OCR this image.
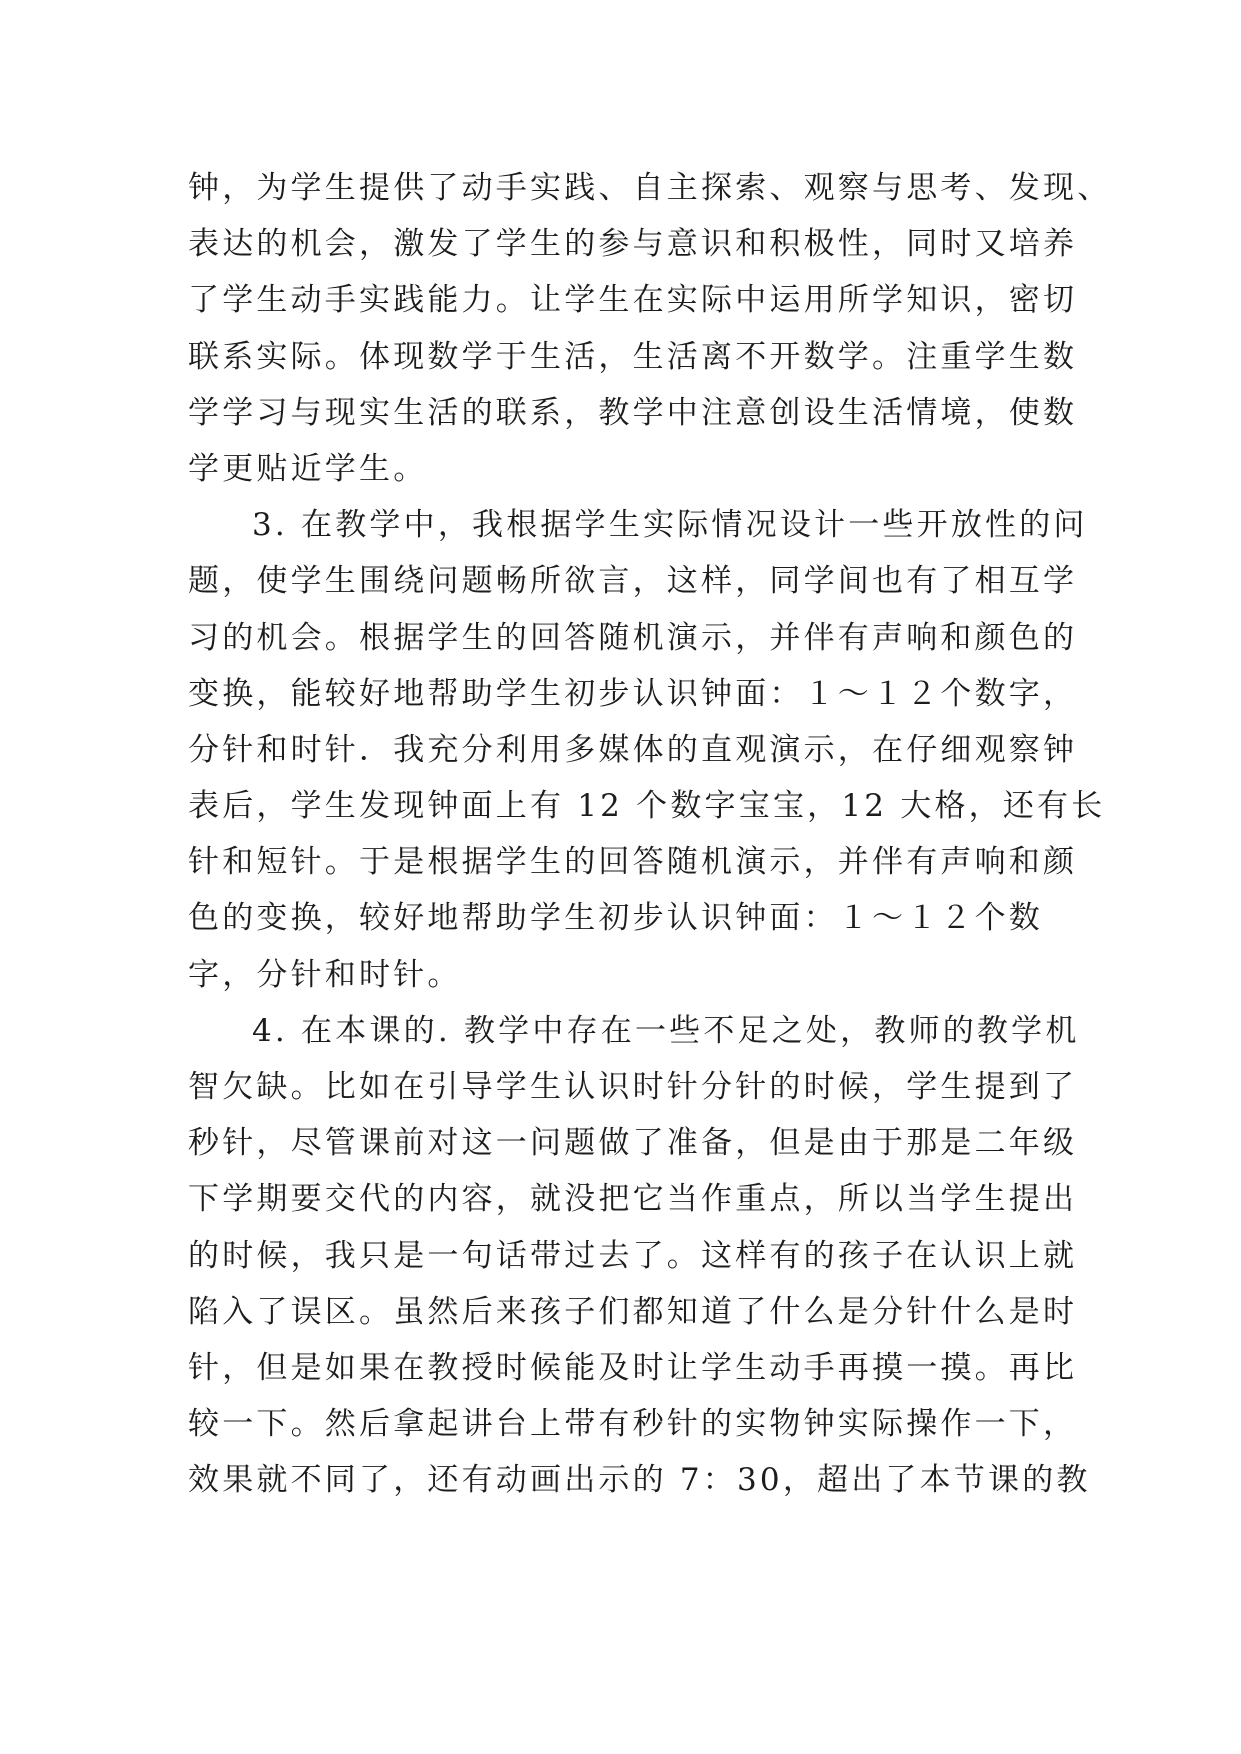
钟，为学生提供了动手实践、自主探索、观察与思考、发现、
表达的机会，激发了学生的参与意识和积极性，同时又培养
了学生动手实践能力。让学生在实际中运用所学知识，密切
联系实际。体现数学于生活，生活离不开数学。注重学生数
学学习与现实生活的联系，教学中注意创设生活情境，使数
学更贴近学生。
3. 在教学中，我根据学生实际情况设计一些开放性的问
题，使学生围绕问题畅所欲言，这样，同学间也有了相互学
习的机会。根据学生的回答随机演示，并伴有声响和颜色的
变换，能较好地帮助学生初步认识钟面：１～１２个数字，
分针和时针．我充分利用多媒体的直观演示，在仔细观察钟
表后，学生发现钟面上有 12 个数字宝宝，12 大格，还有长
针和短针。于是根据学生的回答随机演示，并伴有声响和颜
色的变换，较好地帮助学生初步认识钟面：１～１２个数
字，分针和时针。
4. 在本课的. 教学中存在一些不足之处，教师的教学机
智欠缺。比如在引导学生认识时针分针的时候，学生提到了
秒针，尽管课前对这一问题做了准备，但是由于那是二年级
下学期要交代的内容，就没把它当作重点，所以当学生提出
的时候，我只是一句话带过去了。这样有的孩子在认识上就
陷入了误区。虽然后来孩子们都知道了什么是分针什么是时
针，但是如果在教授时候能及时让学生动手再摸一摸。再比
较一下。然后拿起讲台上带有秒针的实物钟实际操作一下，
效果就不同了，还有动画出示的 7：30，超出了本节课的教
